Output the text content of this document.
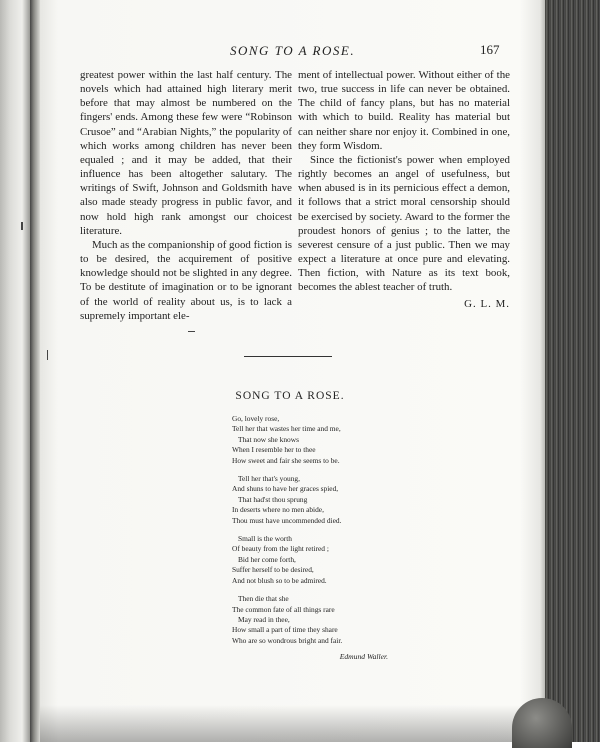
SONG TO A ROSE.	167

greatest power within the last half century. The novels which had attained high literary merit before that may almost be numbered on the fingers' ends. Among these few were “Robinson Crusoe” and “Arabian Nights,” the popularity of which works among children has never been equaled ; and it may be added, that their influence has been altogether salutary. The writings of Swift, Johnson and Goldsmith have also made steady progress in public favor, and now hold high rank amongst our choicest literature.

Much as the companionship of good fiction is to be desired, the acquirement of positive knowledge should not be slighted in any degree. To be destitute of imagination or to be ignorant of the world of reality about us, is to lack a supremely important ele-

ment of intellectual power. Without either of the two, true success in life can never be obtained. The child of fancy plans, but has no material with which to build. Reality has material but can neither share nor enjoy it. Combined in one, they form Wisdom.

Since the fictionist's power when employed rightly becomes an angel of usefulness, but when abused is in its pernicious effect a demon, it follows that a strict moral censorship should be exercised by society. Award to the former the proudest honors of genius ; to the latter, the severest censure of a just public. Then we may expect a literature at once pure and elevating. Then fiction, with Nature as its text book, becomes the ablest teacher of truth.

G. L. M.
SONG TO A ROSE.
Go, lovely rose,
Tell her that wastes her time and me,
That now she knows
When I resemble her to thee
How sweet and fair she seems to be.
Tell her that's young,
And shuns to have her graces spied,
That had'st thou sprung
In deserts where no men abide,
Thou must have uncommended died.
Small is the worth
Of beauty from the light retired ;
Bid her come forth,
Suffer herself to be desired,
And not blush so to be admired.
Then die that she
The common fate of all things rare
May read in thee,
How small a part of time they share
Who are so wondrous bright and fair.
Edmund Waller.
